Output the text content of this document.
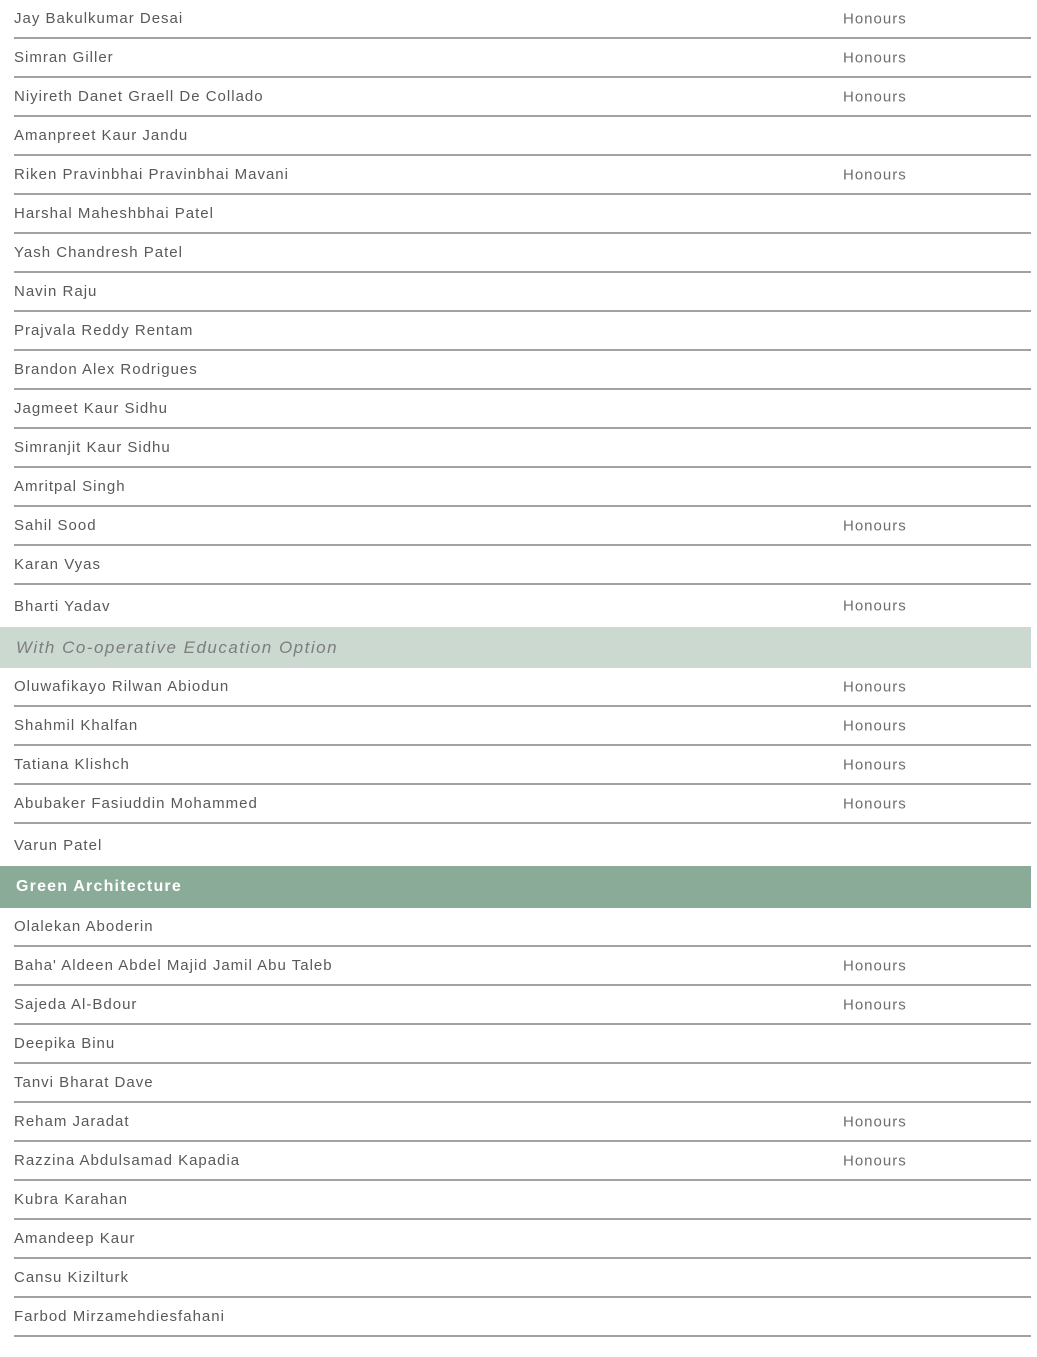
Jay Bakulkumar Desai	Honours
Simran Giller	Honours
Niyireth Danet Graell De Collado	Honours
Amanpreet Kaur Jandu
Riken Pravinbhai Pravinbhai Mavani	Honours
Harshal Maheshbhai Patel
Yash Chandresh Patel
Navin Raju
Prajvala Reddy Rentam
Brandon Alex Rodrigues
Jagmeet Kaur Sidhu
Simranjit Kaur Sidhu
Amritpal Singh
Sahil Sood	Honours
Karan Vyas
Bharti Yadav	Honours
With Co-operative Education Option
Oluwafikayo Rilwan Abiodun	Honours
Shahmil Khalfan	Honours
Tatiana Klishch	Honours
Abubaker Fasiuddin Mohammed	Honours
Varun Patel
Green Architecture
Olalekan Aboderin
Baha' Aldeen Abdel Majid Jamil Abu Taleb	Honours
Sajeda Al-Bdour	Honours
Deepika Binu
Tanvi Bharat Dave
Reham Jaradat	Honours
Razzina Abdulsamad Kapadia	Honours
Kubra Karahan
Amandeep Kaur
Cansu Kizilturk
Farbod Mirzamehdiesfahani
